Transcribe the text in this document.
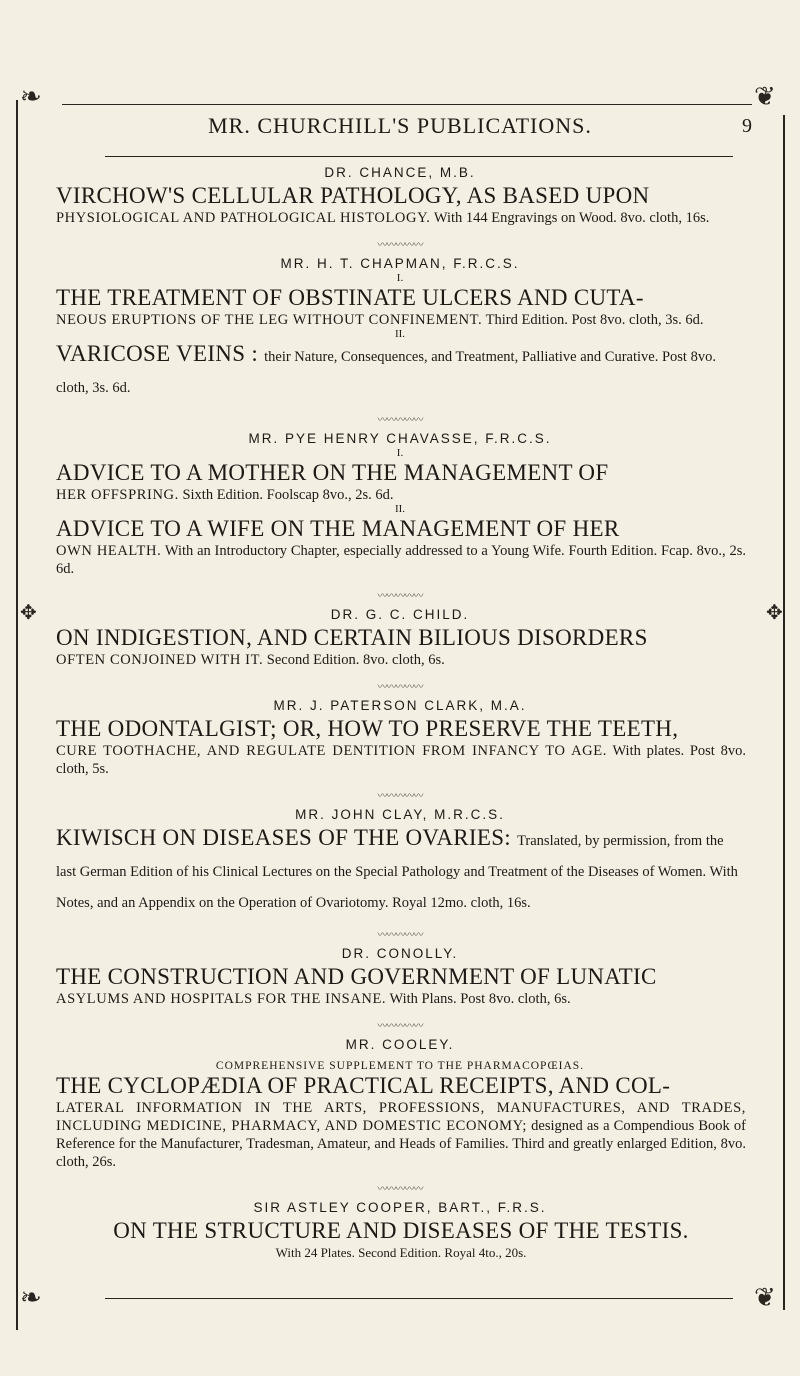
❧	❦
MR. CHURCHILL'S PUBLICATIONS.	9
✥	✥

DR. CHANCE, M.B.

VIRCHOW'S CELLULAR PATHOLOGY, AS BASED UPON

PHYSIOLOGICAL AND PATHOLOGICAL HISTOLOGY. With 144 Engravings on Wood. 8vo. cloth, 16s.

〰〰〰〰〰

MR. H. T. CHAPMAN, F.R.C.S.

I.

THE TREATMENT OF OBSTINATE ULCERS AND CUTA-

NEOUS ERUPTIONS OF THE LEG WITHOUT CONFINEMENT. Third Edition. Post 8vo. cloth, 3s. 6d.

II.

VARICOSE VEINS : their Nature, Consequences, and Treatment, Palliative and Curative. Post 8vo. cloth, 3s. 6d.

〰〰〰〰〰

MR. PYE HENRY CHAVASSE, F.R.C.S.

I.

ADVICE TO A MOTHER ON THE MANAGEMENT OF

HER OFFSPRING. Sixth Edition. Foolscap 8vo., 2s. 6d.

II.

ADVICE TO A WIFE ON THE MANAGEMENT OF HER

OWN HEALTH. With an Introductory Chapter, especially addressed to a Young Wife. Fourth Edition. Fcap. 8vo., 2s. 6d.

〰〰〰〰〰

DR. G. C. CHILD.

ON INDIGESTION, AND CERTAIN BILIOUS DISORDERS

OFTEN CONJOINED WITH IT. Second Edition. 8vo. cloth, 6s.

〰〰〰〰〰

MR. J. PATERSON CLARK, M.A.

THE ODONTALGIST; OR, HOW TO PRESERVE THE TEETH,

CURE TOOTHACHE, AND REGULATE DENTITION FROM INFANCY TO AGE. With plates. Post 8vo. cloth, 5s.

〰〰〰〰〰

MR. JOHN CLAY, M.R.C.S.

KIWISCH ON DISEASES OF THE OVARIES: Translated, by permission, from the last German Edition of his Clinical Lectures on the Special Pathology and Treatment of the Diseases of Women. With Notes, and an Appendix on the Operation of Ovariotomy. Royal 12mo. cloth, 16s.

〰〰〰〰〰

DR. CONOLLY.

THE CONSTRUCTION AND GOVERNMENT OF LUNATIC

ASYLUMS AND HOSPITALS FOR THE INSANE. With Plans. Post 8vo. cloth, 6s.

〰〰〰〰〰

MR. COOLEY.

COMPREHENSIVE SUPPLEMENT TO THE PHARMACOPŒIAS.

THE CYCLOPÆDIA OF PRACTICAL RECEIPTS, AND COL-

LATERAL INFORMATION IN THE ARTS, PROFESSIONS, MANUFACTURES, AND TRADES, INCLUDING MEDICINE, PHARMACY, AND DOMESTIC ECONOMY; designed as a Compendious Book of Reference for the Manufacturer, Tradesman, Amateur, and Heads of Families. Third and greatly enlarged Edition, 8vo. cloth, 26s.

〰〰〰〰〰

SIR ASTLEY COOPER, BART., F.R.S.

ON THE STRUCTURE AND DISEASES OF THE TESTIS.

With 24 Plates. Second Edition. Royal 4to., 20s.

❧	❦
